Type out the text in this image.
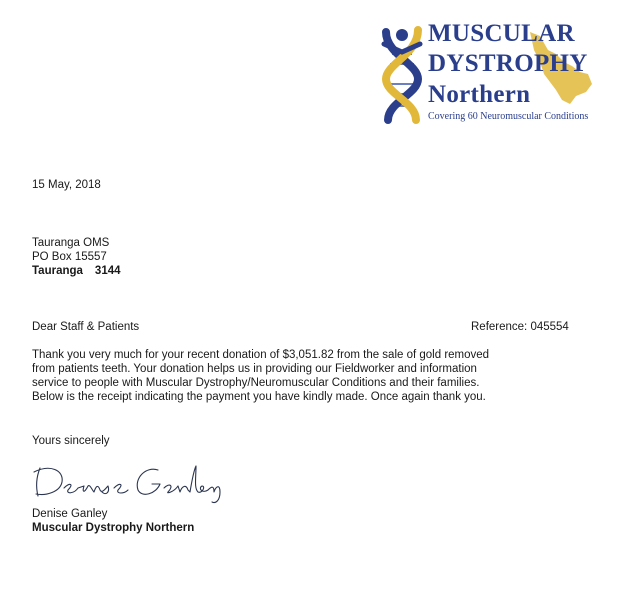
MUSCULAR
DYSTROPHY
Northern
Covering 60 Neuromuscular Conditions
15 May, 2018
Tauranga OMS
PO Box 15557
Tauranga 3144
Dear Staff & Patients	Reference: 045554
Thank you very much for your recent donation of $3,051.82 from the sale of gold removed
from patients teeth. Your donation helps us in providing our Fieldworker and information
service to people with Muscular Dystrophy/Neuromuscular Conditions and their families.
Below is the receipt indicating the payment you have kindly made. Once again thank you.
Yours sincerely
Denise Ganley
Muscular Dystrophy Northern
